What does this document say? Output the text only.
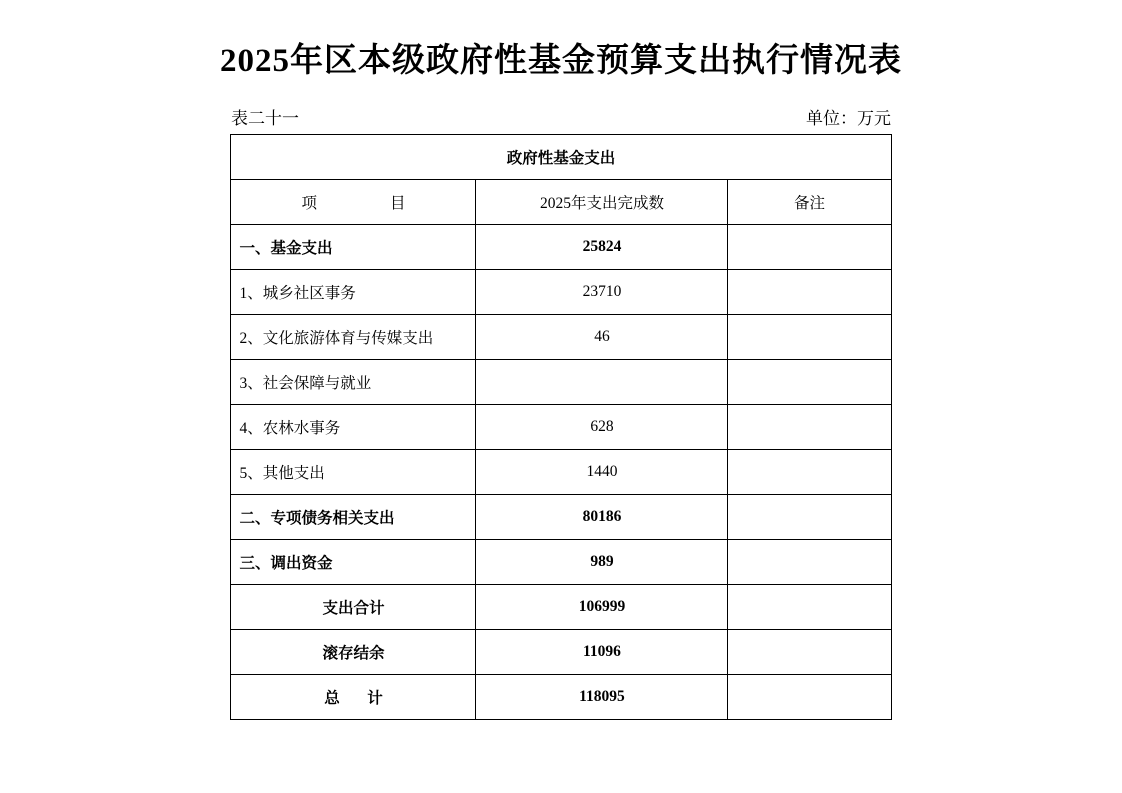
2025年区本级政府性基金预算支出执行情况表
表二十一	单位：万元
政府性基金支出		
项　　目	2025年支出完成数	备注
一、基金支出	25824	
1、城乡社区事务	23710	
2、文化旅游体育与传媒支出	46	
3、社会保障与就业		
4、农林水事务	628	
5、其他支出	1440	
二、专项债务相关支出	80186	
三、调出资金	989	
支出合计	106999	
滚存结余	11096	
总　计	118095	
